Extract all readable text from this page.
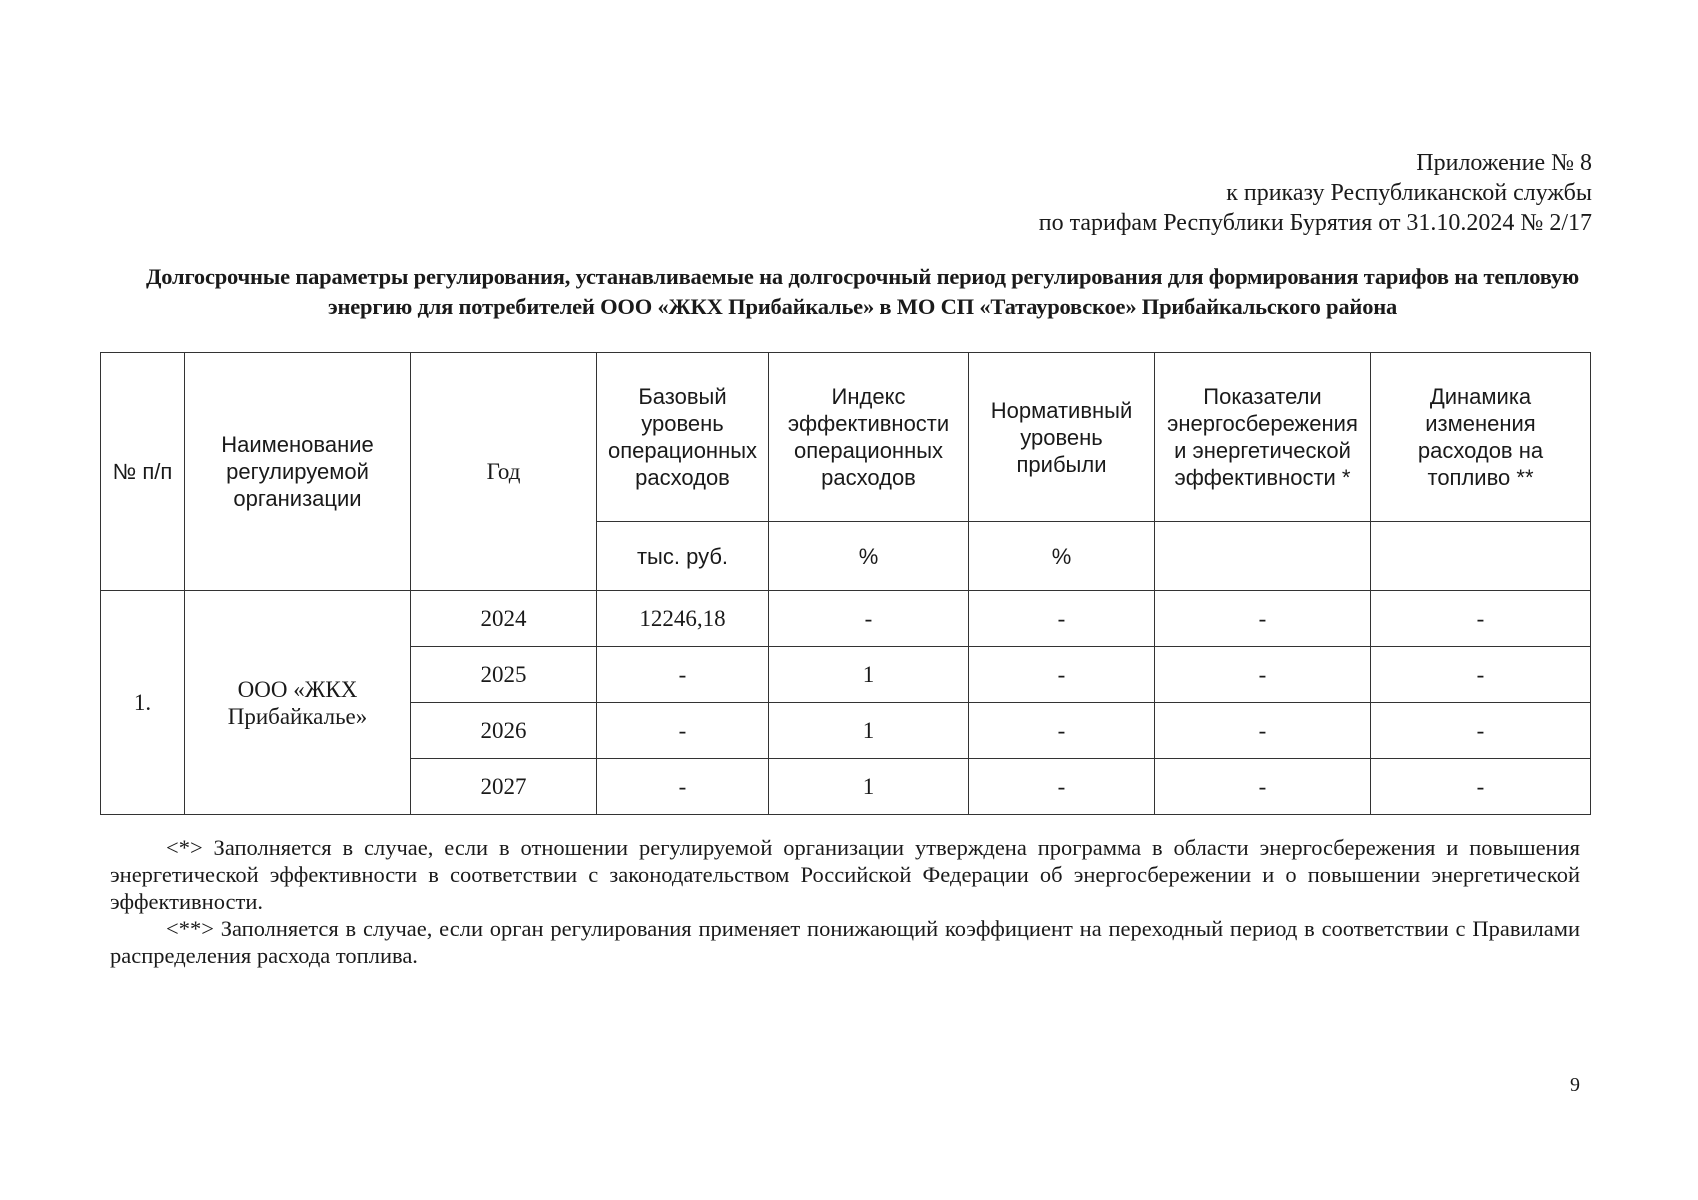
Приложение № 8
к приказу Республиканской службы
по тарифам Республики Бурятия от 31.10.2024 № 2/17
Долгосрочные параметры регулирования, устанавливаемые на долгосрочный период регулирования для формирования тарифов на тепловую энергию для потребителей ООО «ЖКХ Прибайкалье» в МО СП «Татауровское» Прибайкальского района
№ п/п	Наименование регулируемой организации	Год	Базовый уровень операционных расходов	Индекс эффективности операционных расходов	Нормативный уровень прибыли	Показатели энергосбережения и энергетической эффективности *	Динамика изменения расходов на топливо **
			тыс. руб.	%	%		
1.	ООО «ЖКХ Прибайкалье»	2024	12246,18	-	-	-	-
		2025	-	1	-	-	-
		2026	-	1	-	-	-
		2027	-	1	-	-	-

<*> Заполняется в случае, если в отношении регулируемой организации утверждена программа в области энергосбережения и повышения энергетической эффективности в соответствии с законодательством Российской Федерации об энергосбережении и о повышении энергетической эффективности.

<**> Заполняется в случае, если орган регулирования применяет понижающий коэффициент на переходный период в соответствии с Правилами распределения расхода топлива.

9
